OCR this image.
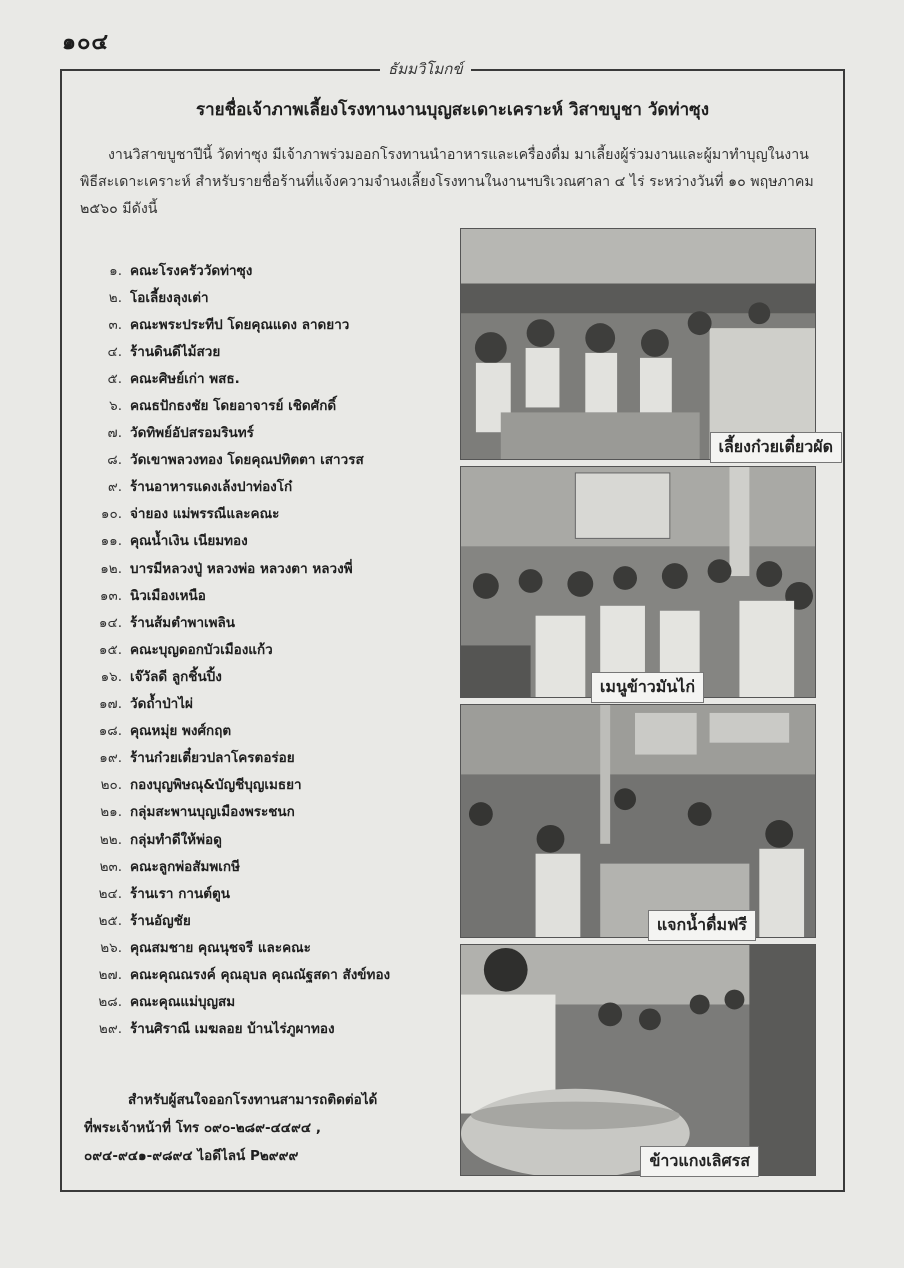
๑๐๔
ธัมมวิโมกข์
รายชื่อเจ้าภาพเลี้ยงโรงทานงานบุญสะเดาะเคราะห์ วิสาขบูชา วัดท่าซุง
งานวิสาขบูชาปีนี้ วัดท่าซุง มีเจ้าภาพร่วมออกโรงทานนำอาหารและเครื่องดื่ม มาเลี้ยงผู้ร่วมงานและผู้มาทำบุญในงานพิธีสะเดาะเคราะห์ สำหรับรายชื่อร้านที่แจ้งความจำนงเลี้ยงโรงทานในงานฯบริเวณศาลา ๔ ไร่ ระหว่างวันที่ ๑๐ พฤษภาคม ๒๕๖๐ มีดังนี้
๑. คณะโรงครัววัดท่าซุง
๒. โอเลี้ยงลุงเต่า
๓. คณะพระประทีป โดยคุณแดง ลาดยาว
๔. ร้านดินดีไม้สวย
๕. คณะศิษย์เก่า พสธ.
๖. คณธปักธงชัย โดยอาจารย์ เชิดศักดิ์
๗. วัดทิพย์อัปสรอมรินทร์
๘. วัดเขาพลวงทอง โดยคุณปทิตตา เสาวรส
๙. ร้านอาหารแดงเล้งปาท่องโก๋
๑๐. จ่ายอง แม่พรรณีและคณะ
๑๑. คุณน้ำเงิน เนียมทอง
๑๒. บารมีหลวงปู่ หลวงพ่อ หลวงตา หลวงพี่
๑๓. นิวเมืองเหนือ
๑๔. ร้านส้มตำพาเพลิน
๑๕. คณะบุญดอกบัวเมืองแก้ว
๑๖. เจ๊วัลดี ลูกชิ้นปิ้ง
๑๗. วัดถ้ำป่าไผ่
๑๘. คุณหมุ่ย พงศ์กฤต
๑๙. ร้านก๋วยเตี๋ยวปลาโครตอร่อย
๒๐. กองบุญพิษณุ&บัญชีบุญเมธยา
๒๑. กลุ่มสะพานบุญเมืองพระชนก
๒๒. กลุ่มทำดีให้พ่อดู
๒๓. คณะลูกพ่อสัมพเกษี
๒๔. ร้านเรา กานต์ตูน
๒๕. ร้านอัญชัย
๒๖. คุณสมชาย คุณนุชจรี และคณะ
๒๗. คณะคุณณรงค์ คุณอุบล คุณณัฐสดา สังข์ทอง
๒๘. คณะคุณแม่บุญสม
๒๙. ร้านศิราณี เมฆลอย บ้านไร่ภูผาทอง
สำหรับผู้สนใจออกโรงทานสามารถติดต่อได้
ที่พระเจ้าหน้าที่ โทร ๐๙๐-๒๘๙-๔๔๙๔ ,
๐๙๔-๙๔๑-๙๘๙๔ ไอดีไลน์ P๒๙๙๙
เลี้ยงก๋วยเตี๋ยวผัด
เมนูข้าวมันไก่
แจกน้ำดื่มฟรี
ข้าวแกงเลิศรส
